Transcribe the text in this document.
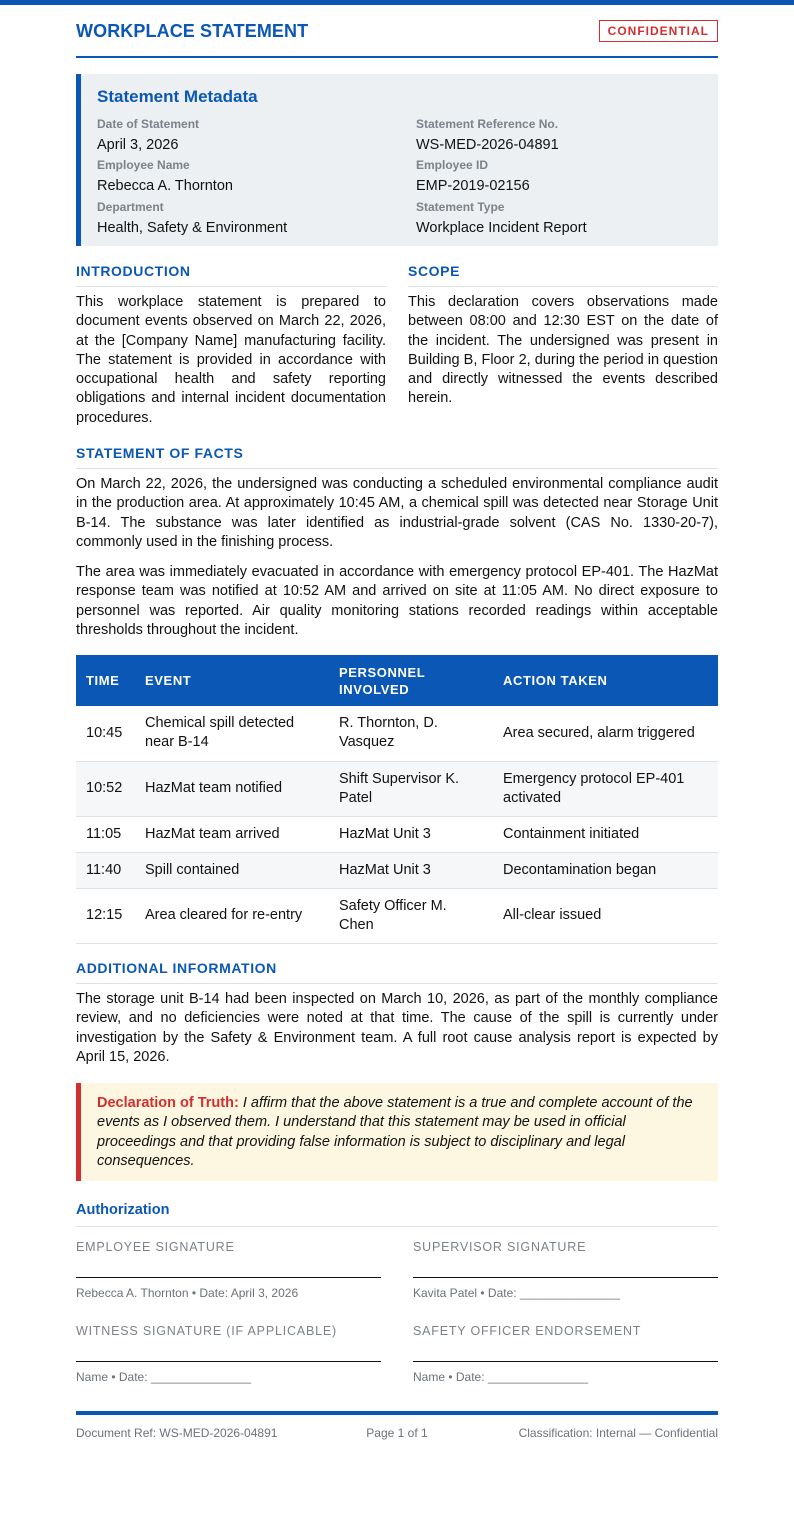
WORKPLACE STATEMENT	CONFIDENTIAL
Statement Metadata
Date of Statement
April 3, 2026
Statement Reference No.
WS-MED-2026-04891
Employee Name
Rebecca A. Thornton
Employee ID
EMP-2019-02156
Department
Health, Safety & Environment
Statement Type
Workplace Incident Report
INTRODUCTION

This workplace statement is prepared to document events observed on March 22, 2026, at the [Company Name] manufacturing facility. The statement is provided in accordance with occupational health and safety reporting obligations and internal incident documentation procedures.

SCOPE

This declaration covers observations made between 08:00 and 12:30 EST on the date of the incident. The undersigned was present in Building B, Floor 2, during the period in question and directly witnessed the events described herein.

STATEMENT OF FACTS

On March 22, 2026, the undersigned was conducting a scheduled environmental compliance audit in the production area. At approximately 10:45 AM, a chemical spill was detected near Storage Unit B-14. The substance was later identified as industrial-grade solvent (CAS No. 1330-20-7), commonly used in the finishing process.

The area was immediately evacuated in accordance with emergency protocol EP-401. The HazMat response team was notified at 10:52 AM and arrived on site at 11:05 AM. No direct exposure to personnel was reported. Air quality monitoring stations recorded readings within acceptable thresholds throughout the incident.

TIME	EVENT	PERSONNEL INVOLVED	ACTION TAKEN
10:45	Chemical spill detected near B-14	R. Thornton, D. Vasquez	Area secured, alarm triggered
10:52	HazMat team notified	Shift Supervisor K. Patel	Emergency protocol EP-401 activated
11:05	HazMat team arrived	HazMat Unit 3	Containment initiated
11:40	Spill contained	HazMat Unit 3	Decontamination began
12:15	Area cleared for re-entry	Safety Officer M. Chen	All-clear issued
ADDITIONAL INFORMATION

The storage unit B-14 had been inspected on March 10, 2026, as part of the monthly compliance review, and no deficiencies were noted at that time. The cause of the spill is currently under investigation by the Safety & Environment team. A full root cause analysis report is expected by April 15, 2026.

Declaration of Truth: I affirm that the above statement is a true and complete account of the events as I observed them. I understand that this statement may be used in official proceedings and that providing false information is subject to disciplinary and legal consequences.
Authorization
EMPLOYEE SIGNATURE
Rebecca A. Thornton • Date: April 3, 2026
SUPERVISOR SIGNATURE
Kavita Patel • Date: _______________
WITNESS SIGNATURE (IF APPLICABLE)
Name • Date: _______________
SAFETY OFFICER ENDORSEMENT
Name • Date: _______________
Document Ref: WS-MED-2026-04891	Page 1 of 1	Classification: Internal — Confidential
